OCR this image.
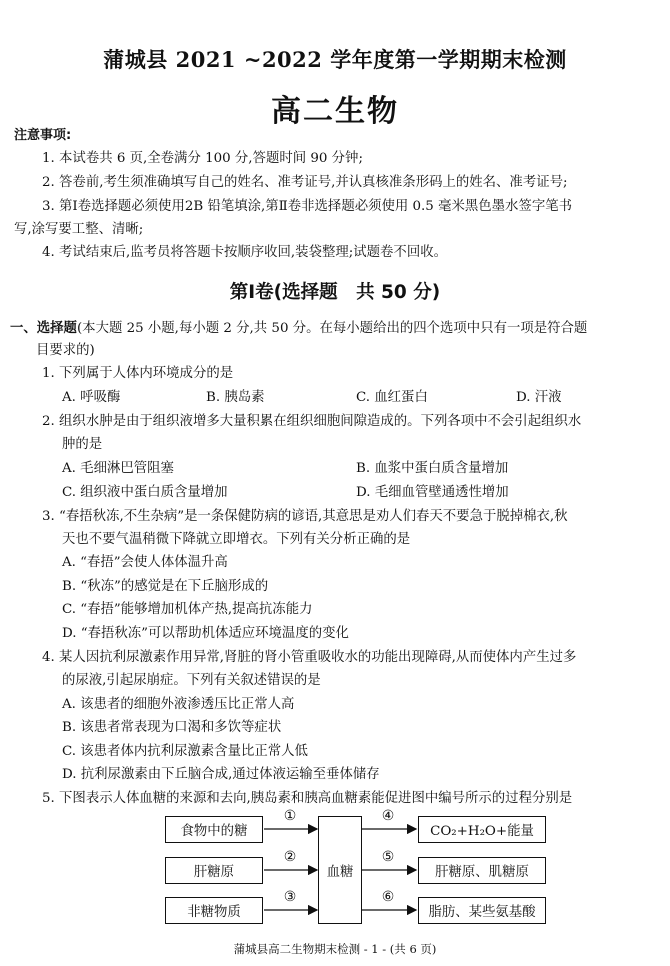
蒲城县 2021 ~2022 学年度第一学期期末检测
高二生物
注意事项:
1. 本试卷共 6 页,全卷满分 100 分,答题时间 90 分钟;
2. 答卷前,考生须准确填写自己的姓名、准考证号,并认真核准条形码上的姓名、准考证号;
3. 第Ⅰ卷选择题必须使用2B 铅笔填涂,第Ⅱ卷非选择题必须使用 0.5 毫米黑色墨水签字笔书
写,涂写要工整、清晰;
4. 考试结束后,监考员将答题卡按顺序收回,装袋整理;试题卷不回收。
第Ⅰ卷(选择题　共 50 分)
一、选择题(本大题 25 小题,每小题 2 分,共 50 分。在每小题给出的四个选项中只有一项是符合题
目要求的)
1. 下列属于人体内环境成分的是
A. 呼吸酶	B. 胰岛素	C. 血红蛋白	D. 汗液
2. 组织水肿是由于组织液增多大量积累在组织细胞间隙造成的。下列各项中不会引起组织水
肿的是
A. 毛细淋巴管阻塞	B. 血浆中蛋白质含量增加
C. 组织液中蛋白质含量增加	D. 毛细血管壁通透性增加
3. “春捂秋冻,不生杂病”是一条保健防病的谚语,其意思是劝人们春天不要急于脱掉棉衣,秋
天也不要气温稍微下降就立即增衣。下列有关分析正确的是
A. “春捂”会使人体体温升高
B. “秋冻”的感觉是在下丘脑形成的
C. “春捂”能够增加机体产热,提高抗冻能力
D. “春捂秋冻”可以帮助机体适应环境温度的变化
4. 某人因抗利尿激素作用异常,肾脏的肾小管重吸收水的功能出现障碍,从而使体内产生过多
的尿液,引起尿崩症。下列有关叙述错误的是
A. 该患者的细胞外液渗透压比正常人高
B. 该患者常表现为口渴和多饮等症状
C. 该患者体内抗利尿激素含量比正常人低
D. 抗利尿激素由下丘脑合成,通过体液运输至垂体储存
5. 下图表示人体血糖的来源和去向,胰岛素和胰高血糖素能促进图中编号所示的过程分别是
食物中的糖
肝糖原
非糖物质
血糖
CO₂+H₂O+能量
肝糖原、肌糖原
脂肪、某些氨基酸
①
②
③
④
⑤
⑥
蒲城县高二生物期末检测 - 1 - (共 6 页)
